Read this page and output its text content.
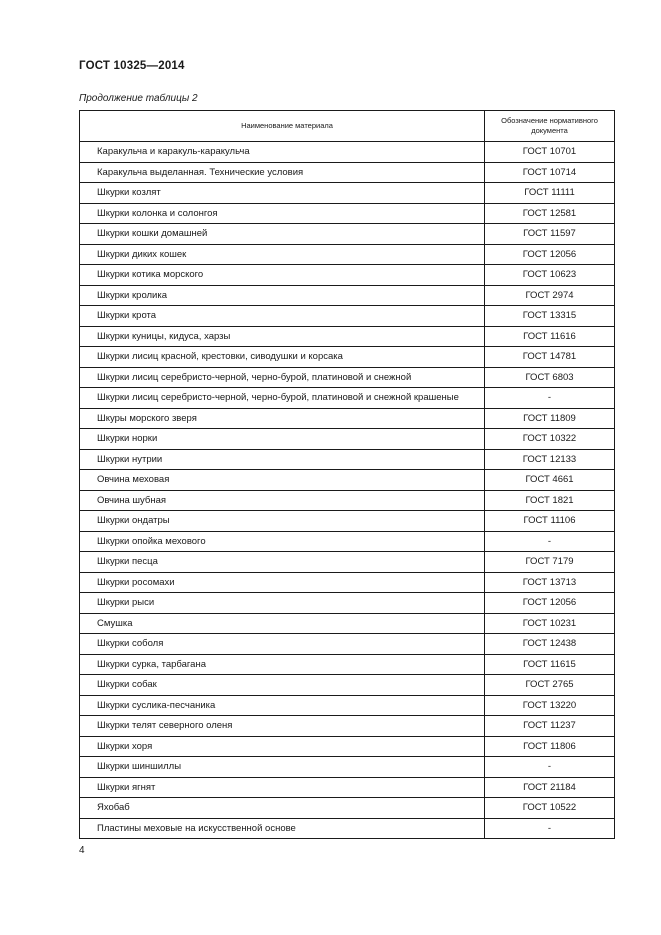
ГОСТ 10325—2014
Продолжение таблицы 2
Наименование материала	Обозначение нормативного документа
Каракульча и каракуль-каракульча	ГОСТ 10701
Каракульча выделанная. Технические условия	ГОСТ 10714
Шкурки козлят	ГОСТ 11111
Шкурки колонка и солонгоя	ГОСТ 12581
Шкурки кошки домашней	ГОСТ 11597
Шкурки диких кошек	ГОСТ 12056
Шкурки котика морского	ГОСТ 10623
Шкурки кролика	ГОСТ 2974
Шкурки крота	ГОСТ 13315
Шкурки куницы, кидуса, харзы	ГОСТ 11616
Шкурки лисиц красной, крестовки, сиводушки и корсака	ГОСТ 14781
Шкурки лисиц серебристо-черной, черно-бурой, платиновой и снежной	ГОСТ 6803
Шкурки лисиц серебристо-черной, черно-бурой, платиновой и снежной крашеные	-
Шкуры морского зверя	ГОСТ 11809
Шкурки норки	ГОСТ 10322
Шкурки нутрии	ГОСТ 12133
Овчина меховая	ГОСТ 4661
Овчина шубная	ГОСТ 1821
Шкурки ондатры	ГОСТ 11106
Шкурки опойка мехового	-
Шкурки песца	ГОСТ 7179
Шкурки росомахи	ГОСТ 13713
Шкурки рыси	ГОСТ 12056
Смушка	ГОСТ 10231
Шкурки соболя	ГОСТ 12438
Шкурки сурка, тарбагана	ГОСТ 11615
Шкурки собак	ГОСТ 2765
Шкурки суслика-песчаника	ГОСТ 13220
Шкурки телят северного оленя	ГОСТ 11237
Шкурки хоря	ГОСТ 11806
Шкурки шиншиллы	-
Шкурки ягнят	ГОСТ 21184
Яхобаб	ГОСТ 10522
Пластины меховые на искусственной основе	-
4
